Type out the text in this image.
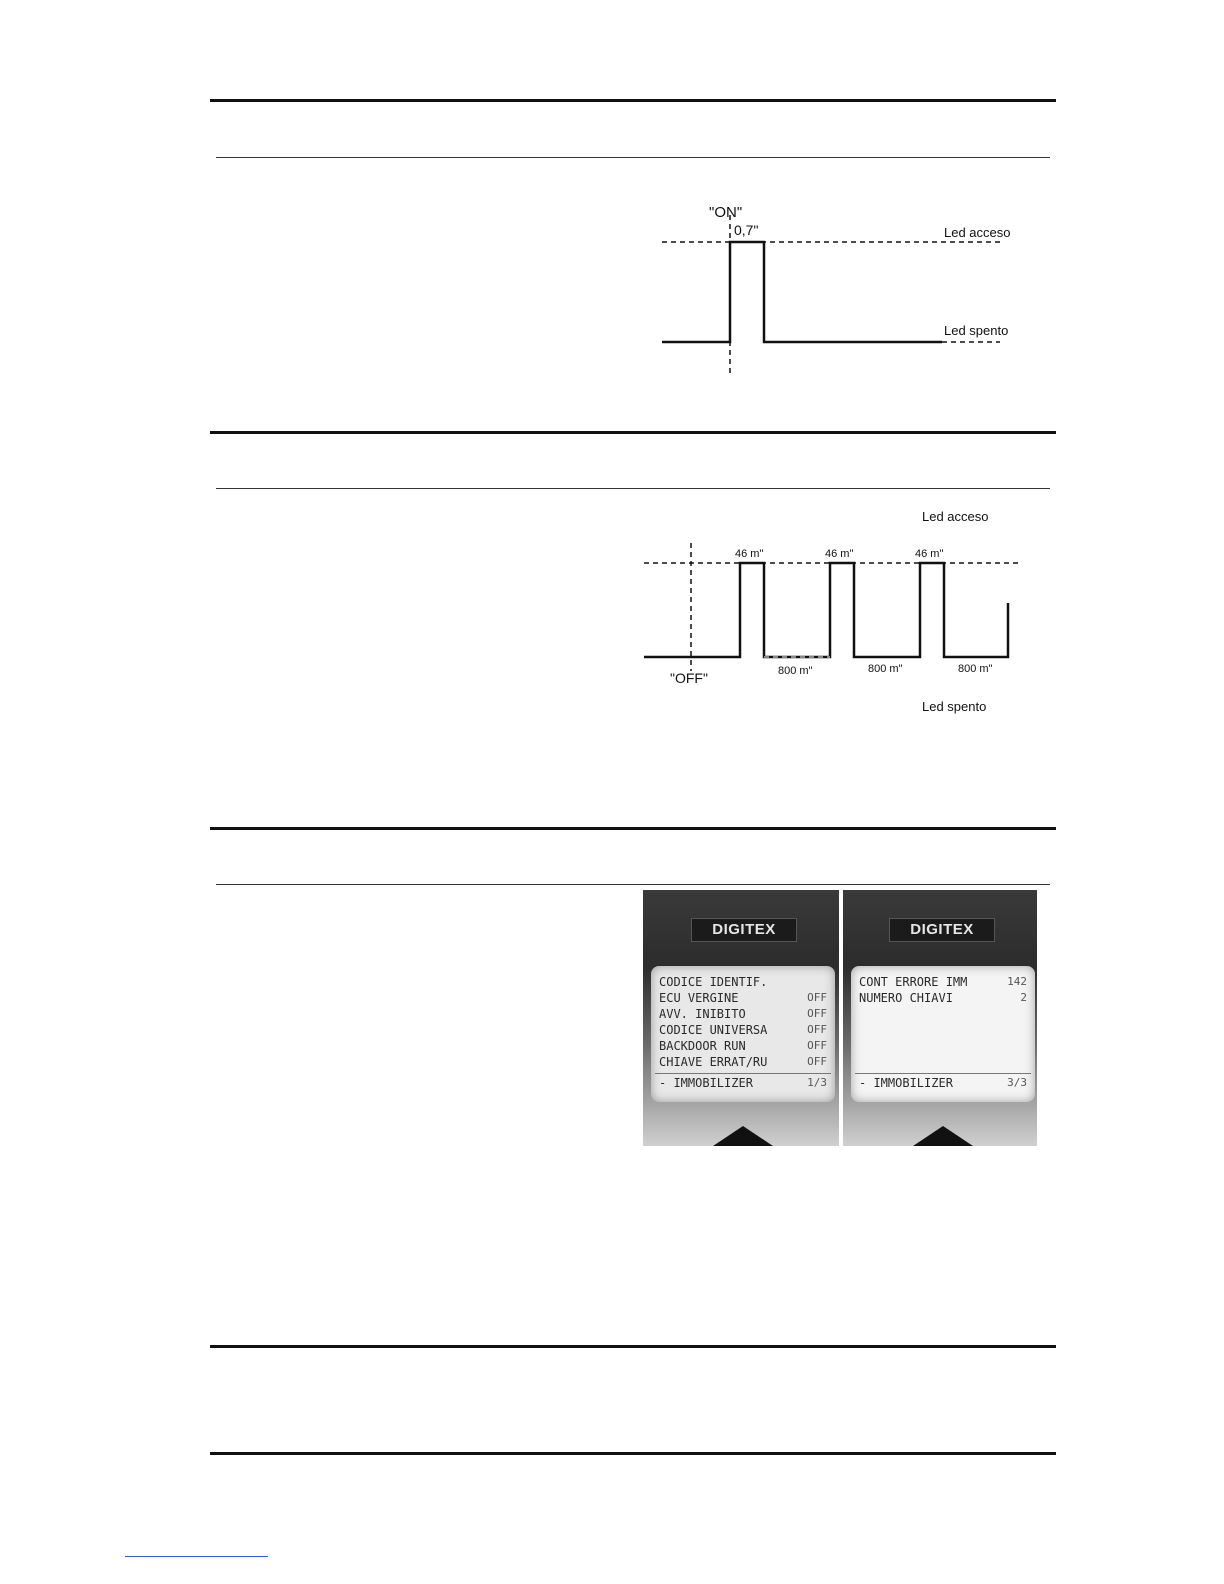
"ON"
0,7"	Led acceso
Led spento
Led acceso
46 m"	46 m"	46 m"
800 m"	800 m"	800 m"
"OFF"
Led spento
DIGITEX
CODICE IDENTIF.
ECU VERGINE	OFF
AVV. INIBITO	OFF
CODICE UNIVERSA	OFF
BACKDOOR RUN	OFF
CHIAVE ERRAT/RU	OFF
- IMMOBILIZER	1/3
DIGITEX
CONT ERRORE IMM	142
NUMERO CHIAVI	2
- IMMOBILIZER	3/3
